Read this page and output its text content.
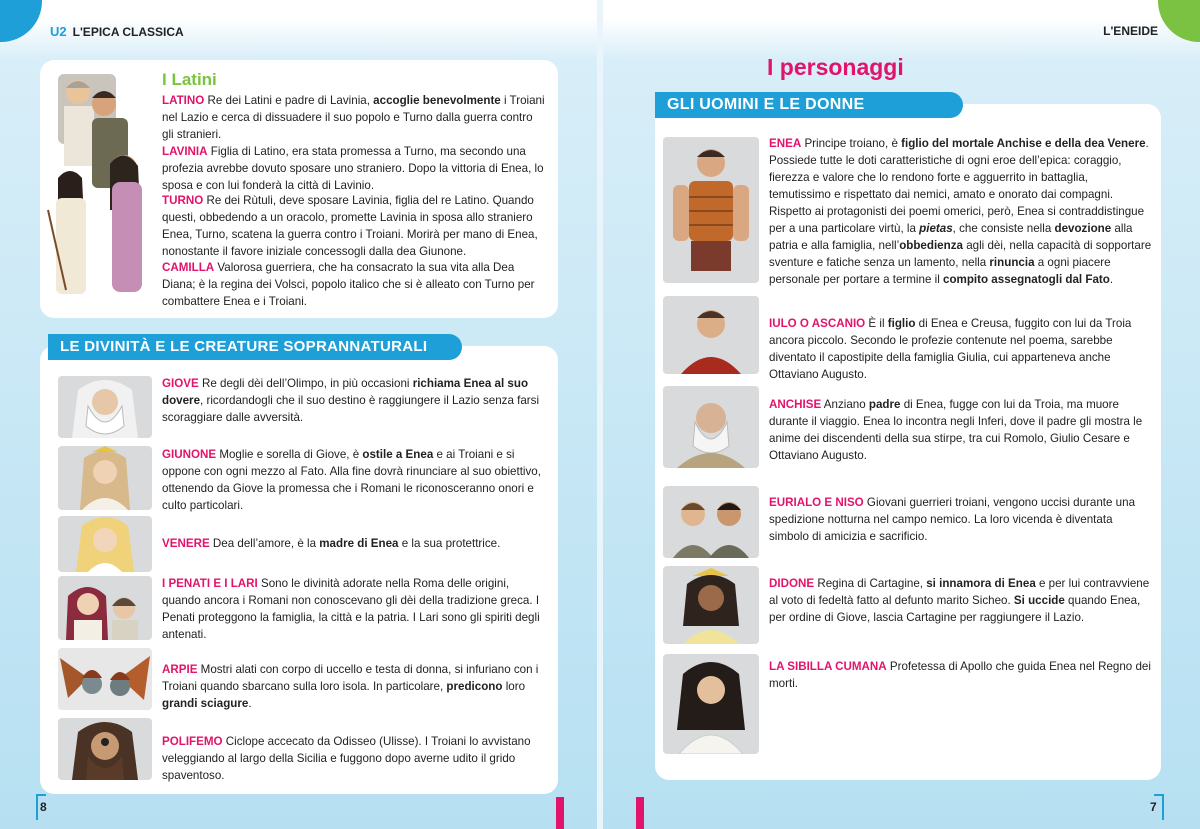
U2 L'EPICA CLASSICA	L'ENEIDE
I Latini
LATINO Re dei Latini e padre di Lavinia, accoglie benevolmente i Troiani nel Lazio e cerca di dissuadere il suo popolo e Turno dalla guerra contro gli stranieri.
LAVINIA Figlia di Latino, era stata promessa a Turno, ma secondo una profezia avrebbe dovuto sposare uno straniero. Dopo la vittoria di Enea, lo sposa e con lui fonderà la città di Lavinio.
TURNO Re dei Rùtuli, deve sposare Lavinia, figlia del re Latino. Quando questi, obbedendo a un oracolo, promette Lavinia in sposa allo straniero Enea, Turno, scatena la guerra contro i Troiani. Morirà per mano di Enea, nonostante il favore iniziale concessogli dalla dea Giunone.
CAMILLA Valorosa guerriera, che ha consacrato la sua vita alla Dea Diana; è la regina dei Volsci, popolo italico che si è alleato con Turno per combattere Enea e i Troiani.
LE DIVINITÀ E LE CREATURE SOPRANNATURALI
GIOVE Re degli dèi dell’Olimpo, in più occasioni richiama Enea al suo dovere, ricordandogli che il suo destino è raggiungere il Lazio senza farsi scoraggiare dalle avversità.
GIUNONE Moglie e sorella di Giove, è ostile a Enea e ai Troiani e si oppone con ogni mezzo al Fato. Alla fine dovrà rinunciare al suo obiettivo, ottenendo da Giove la promessa che i Romani le riconosceranno onori e culto particolari.
VENERE Dea dell’amore, è la madre di Enea e la sua protettrice.
I PENATI E I LARI Sono le divinità adorate nella Roma delle origini, quando ancora i Romani non conoscevano gli dèi della tradizione greca. I Penati proteggono la famiglia, la città e la patria. I Lari sono gli spiriti degli antenati.
ARPIE Mostri alati con corpo di uccello e testa di donna, si infuriano con i Troiani quando sbarcano sulla loro isola. In particolare, predicono loro grandi sciagure.
POLIFEMO Ciclope accecato da Odisseo (Ulisse). I Troiani lo avvistano veleggiando al largo della Sicilia e fuggono dopo averne udito il grido spaventoso.
I personaggi
GLI UOMINI E LE DONNE
ENEA Principe troiano, è figlio del mortale Anchise e della dea Venere. Possiede tutte le doti caratteristiche di ogni eroe dell’epica: coraggio, fierezza e valore che lo rendono forte e agguerrito in battaglia, temutissimo e rispettato dai nemici, amato e onorato dai compagni. Rispetto ai protagonisti dei poemi omerici, però, Enea si contraddistingue per a una particolare virtù, la pietas, che consiste nella devozione alla patria e alla famiglia, nell’obbedienza agli dèi, nella capacità di sopportare sventure e fatiche senza un lamento, nella rinuncia a ogni piacere personale per portare a termine il compito assegnatogli dal Fato.
IULO O ASCANIO È il figlio di Enea e Creusa, fuggito con lui da Troia ancora piccolo. Secondo le profezie contenute nel poema, sarebbe diventato il capostipite della famiglia Giulia, cui apparteneva anche Ottaviano Augusto.
ANCHISE Anziano padre di Enea, fugge con lui da Troia, ma muore durante il viaggio. Enea lo incontra negli Inferi, dove il padre gli mostra le anime dei discendenti della sua stirpe, tra cui Romolo, Giulio Cesare e Ottaviano Augusto.
EURIALO E NISO Giovani guerrieri troiani, vengono uccisi durante una spedizione notturna nel campo nemico. La loro vicenda è diventata simbolo di amicizia e sacrificio.
DIDONE Regina di Cartagine, si innamora di Enea e per lui contravviene al voto di fedeltà fatto al defunto marito Sicheo. Si uccide quando Enea, per ordine di Giove, lascia Cartagine per raggiungere il Lazio.
LA SIBILLA CUMANA Profetessa di Apollo che guida Enea nel Regno dei morti.
8	7
